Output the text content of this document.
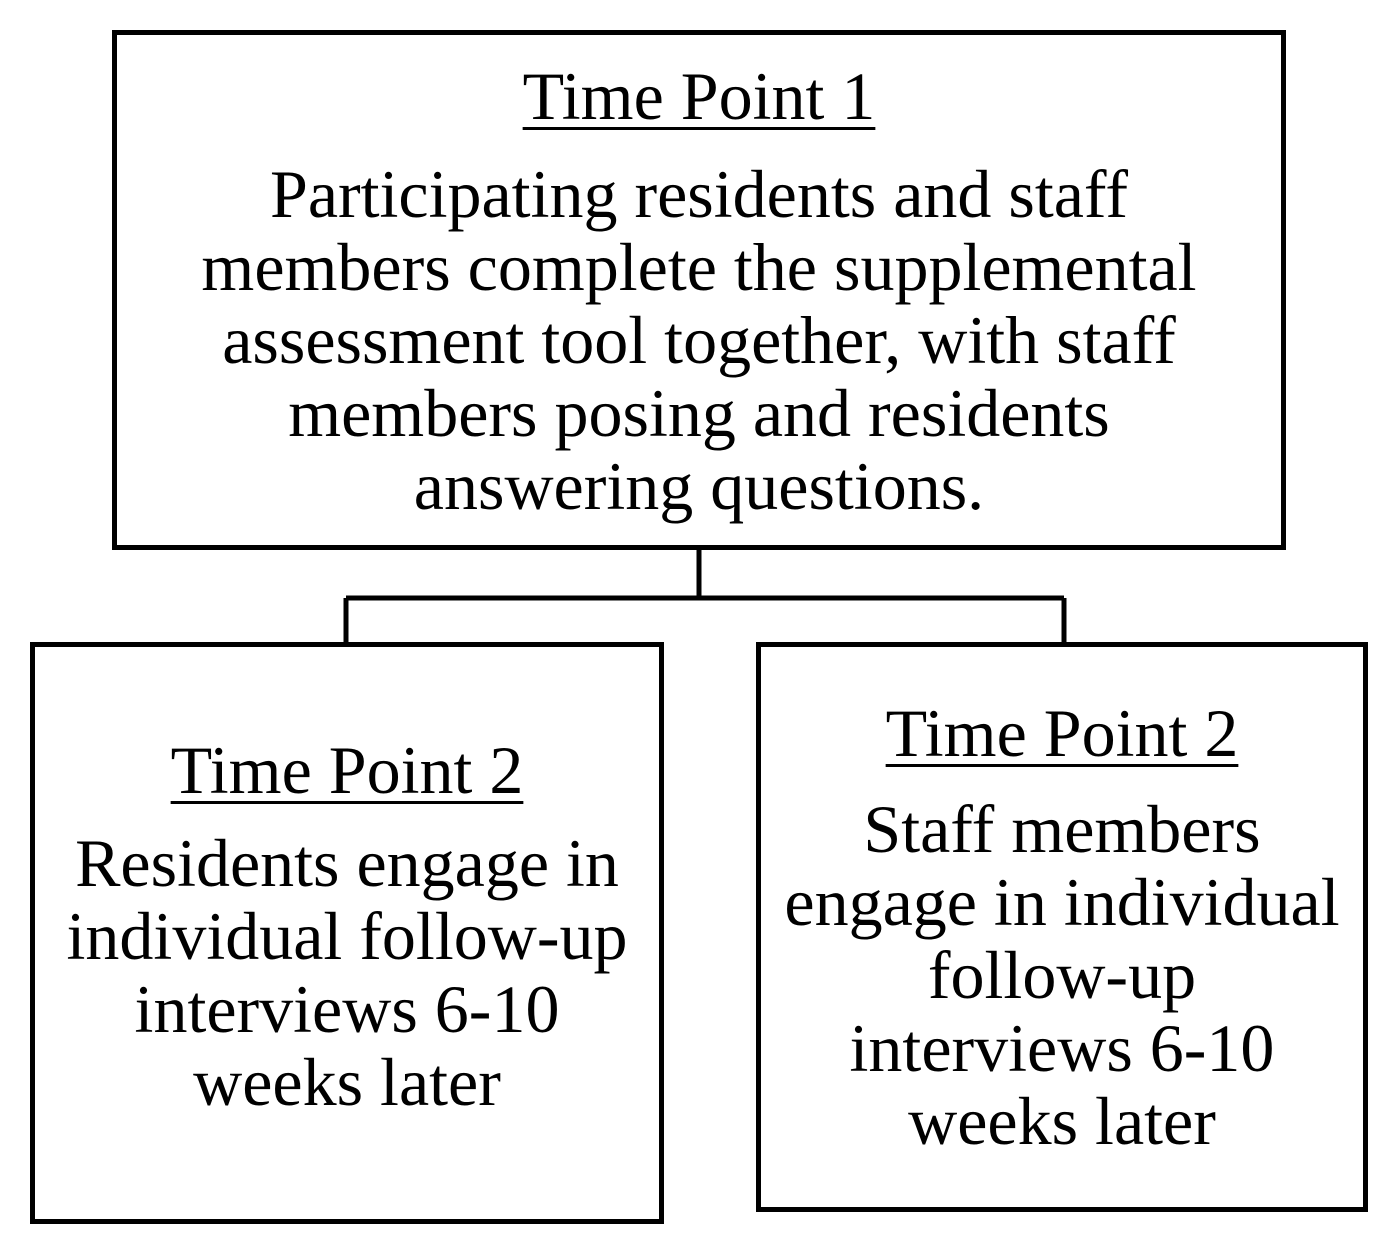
Time Point 1
Participating residents and staff
members complete the supplemental
assessment tool together, with staff
members posing and residents
answering questions.
Time Point 2
Residents engage in
individual follow-up
interviews 6-10
weeks later
Time Point 2
Staff members
engage in individual
follow-up
interviews 6-10
weeks later
